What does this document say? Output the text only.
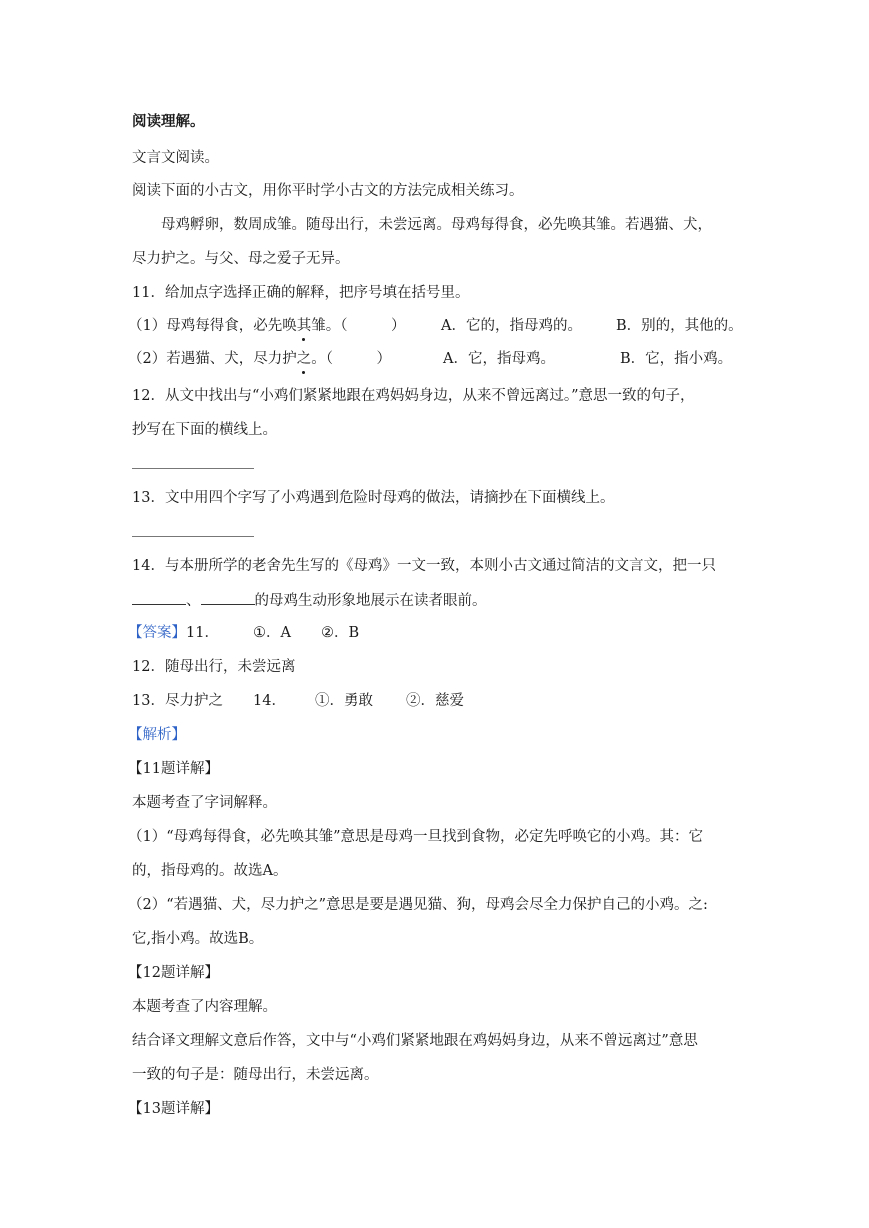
阅读理解。
文言文阅读。
阅读下面的小古文，用你平时学小古文的方法完成相关练习。
母鸡孵卵，数周成雏。随母出行，未尝远离。母鸡每得食，必先唤其雏。若遇猫、犬，
尽力护之。与父、母之爱子无异。
11．给加点字选择正确的解释，把序号填在括号里。
（1）母鸡每得食，必先唤其雏。（　　　） A．它的，指母鸡的。 B．别的，其他的。
（2）若遇猫、犬，尽力护之。（　　　）	A．它，指母鸡。	B．它，指小鸡。
12．从文中找出与“小鸡们紧紧地跟在鸡妈妈身边，从来不曾远离过。”意思一致的句子，
抄写在下面的横线上。
13．文中用四个字写了小鸡遇到危险时母鸡的做法，请摘抄在下面横线上。
14．与本册所学的老舍先生写的《母鸡》一文一致，本则小古文通过简洁的文言文，把一只
、	的母鸡生动形象地展示在读者眼前。
【答案】11． ①．A ②．B
12．随母出行，未尝远离
13．尽力护之 14． ①．勇敢 ②．慈爱
【解析】
【11题详解】
本题考查了字词解释。
（1）“母鸡每得食，必先唤其雏”意思是母鸡一旦找到食物，必定先呼唤它的小鸡。其：它
的，指母鸡的。故选A。
（2）“若遇猫、犬，尽力护之”意思是要是遇见猫、狗，母鸡会尽全力保护自己的小鸡。之:
它,指小鸡。故选B。
【12题详解】
本题考查了内容理解。
结合译文理解文意后作答，文中与“小鸡们紧紧地跟在鸡妈妈身边，从来不曾远离过”意思
一致的句子是：随母出行，未尝远离。
【13题详解】
